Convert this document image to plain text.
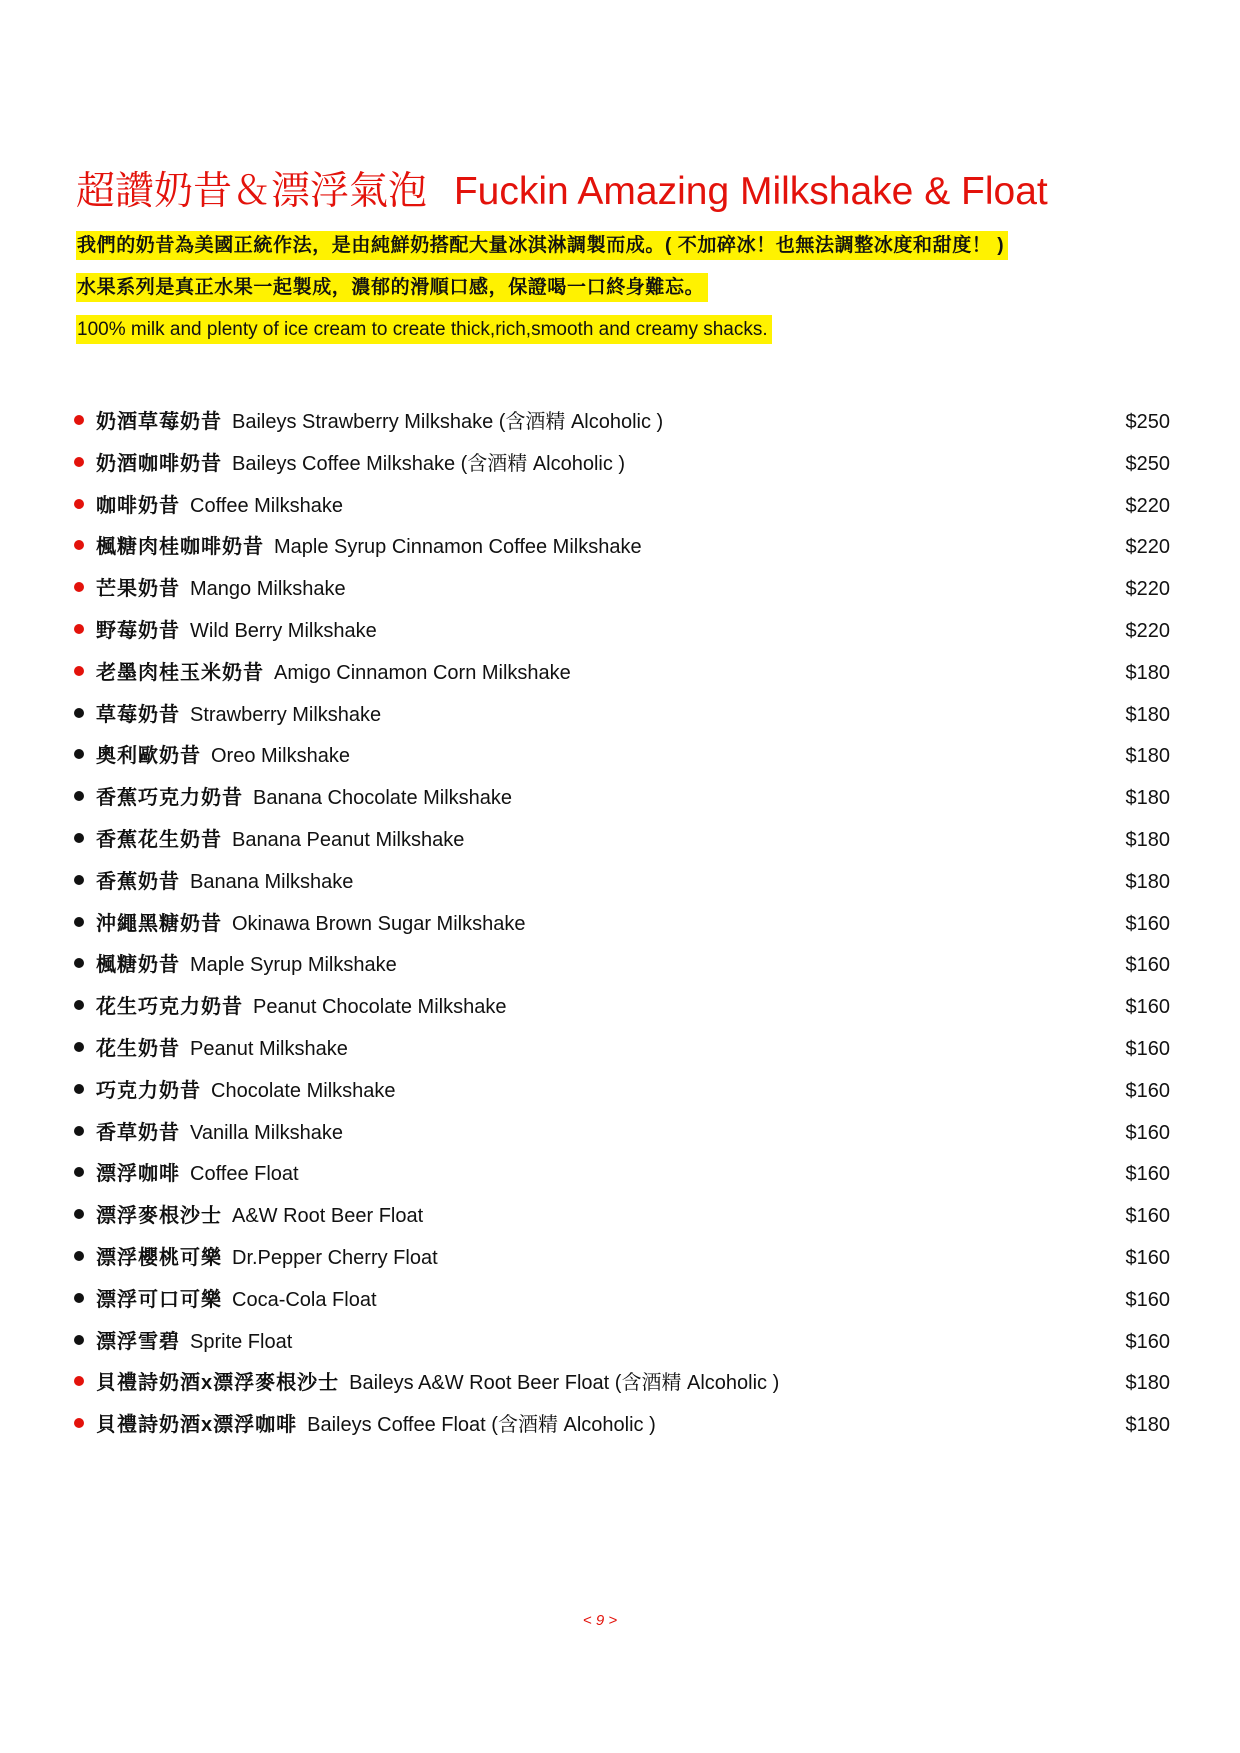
超讚奶昔＆漂浮氣泡 Fuckin Amazing Milkshake & Float
我們的奶昔為美國正統作法，是由純鮮奶搭配大量冰淇淋調製而成。( 不加碎冰！也無法調整冰度和甜度！ )
水果系列是真正水果一起製成，濃郁的滑順口感，保證喝一口終身難忘。
100% milk and plenty of ice cream to create thick,rich,smooth and creamy shacks.
奶酒草莓奶昔 Baileys Strawberry Milkshake (含酒精 Alcoholic )	$250
奶酒咖啡奶昔 Baileys Coffee Milkshake (含酒精 Alcoholic )	$250
咖啡奶昔 Coffee Milkshake	$220
楓糖肉桂咖啡奶昔 Maple Syrup Cinnamon Coffee Milkshake	$220
芒果奶昔 Mango Milkshake	$220
野莓奶昔 Wild Berry Milkshake	$220
老墨肉桂玉米奶昔 Amigo Cinnamon Corn Milkshake	$180
草莓奶昔 Strawberry Milkshake	$180
奧利歐奶昔 Oreo Milkshake	$180
香蕉巧克力奶昔 Banana Chocolate Milkshake	$180
香蕉花生奶昔 Banana Peanut Milkshake	$180
香蕉奶昔 Banana Milkshake	$180
沖繩黑糖奶昔 Okinawa Brown Sugar Milkshake	$160
楓糖奶昔 Maple Syrup Milkshake	$160
花生巧克力奶昔 Peanut Chocolate Milkshake	$160
花生奶昔 Peanut Milkshake	$160
巧克力奶昔 Chocolate Milkshake	$160
香草奶昔 Vanilla Milkshake	$160
漂浮咖啡 Coffee Float	$160
漂浮麥根沙士 A&W Root Beer Float	$160
漂浮櫻桃可樂 Dr.Pepper Cherry Float	$160
漂浮可口可樂 Coca-Cola Float	$160
漂浮雪碧 Sprite Float	$160
貝禮詩奶酒x漂浮麥根沙士 Baileys A&W Root Beer Float (含酒精 Alcoholic )	$180
貝禮詩奶酒x漂浮咖啡 Baileys Coffee Float (含酒精 Alcoholic )	$180
< 9 >
